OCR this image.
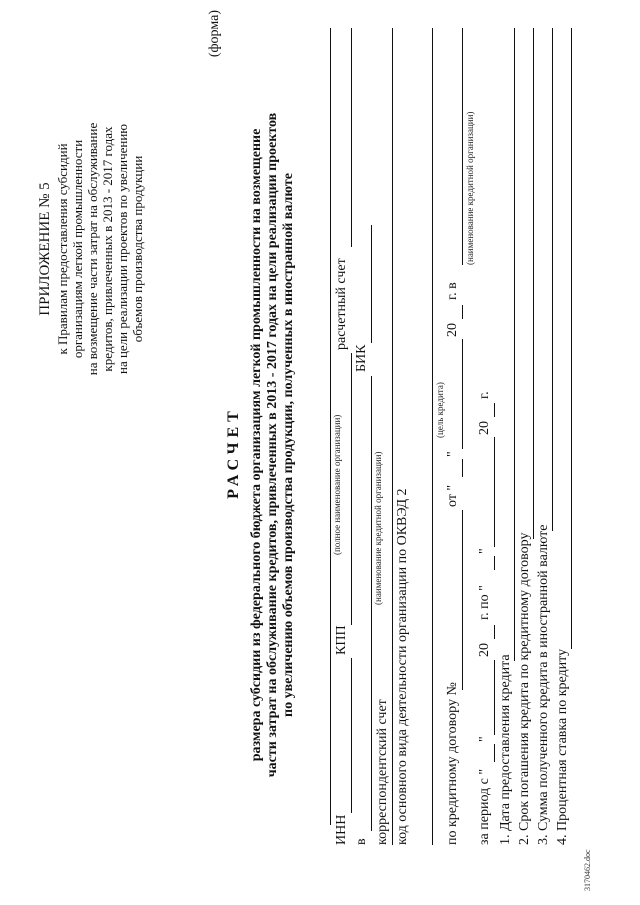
ПРИЛОЖЕНИЕ № 5 к Правилам предоставления субсидий организациям легкой промышленности на возмещение части затрат на обслуживание кредитов, привлеченных в 2013 - 2017 годах на цели реализации проектов по увеличению объемов производства продукции
(форма)
РАСЧЕТ размера субсидии из федерального бюджета организациям легкой промышленности на возмещение части затрат на обслуживание кредитов, привлеченных в 2013 - 2017 годах на цели реализации проектов по увеличению объемов производства продукции, полученных в иностранной валюте	(полное наименование организации)
ИНН
КПП
расчетный счет
в
БИК
(наименование кредитной организации)
корреспондентский счет код основного вида деятельности организации по ОКВЭД 2	по кредитному договору №
от "
"
20
г. в
(цель кредита)
(наименование кредитной организации)
за период с "
"
20
г. по "
"
20
г.
1. Дата предоставления кредита 2. Срок погашения кредита по кредитному договору 3. Сумма полученного кредита в иностранной валюте 4. Процентная ставка по кредиту
3170462.doc
